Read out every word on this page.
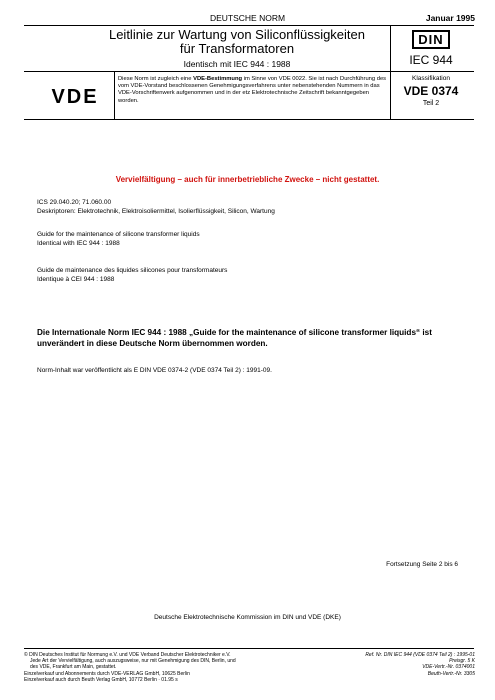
DEUTSCHE NORM	Januar 1995
Leitlinie zur Wartung von Siliconflüssigkeiten
für Transformatoren
Identisch mit IEC 944 : 1988
DIN
IEC 944
VDE
Diese Norm ist zugleich eine VDE-Bestimmung im Sinne von VDE 0022. Sie ist nach Durchführung des vom VDE-Vorstand beschlossenen Genehmigungsverfahrens unter nebenstehenden Nummern in das VDE-Vorschriftenwerk aufgenommen und in der etz Elektrotechnische Zeitschrift bekanntgegeben worden.
Klassifikation
VDE 0374
Teil 2
Vervielfältigung – auch für innerbetriebliche Zwecke – nicht gestattet.
ICS 29.040.20; 71.060.00
Deskriptoren: Elektrotechnik, Elektroisoliermittel, Isolierflüssigkeit, Silicon, Wartung
Guide for the maintenance of silicone transformer liquids
Identical with IEC 944 : 1988
Guide de maintenance des liquides silicones pour transformateurs
Identique à CEI 944 : 1988
Die Internationale Norm IEC 944 : 1988 „Guide for the maintenance of silicone transformer liquids“ ist unverändert in diese Deutsche Norm übernommen worden.
Norm-Inhalt war veröffentlicht als E DIN VDE 0374-2 (VDE 0374 Teil 2) : 1991-09.
Fortsetzung Seite 2 bis 6
Deutsche Elektrotechnische Kommission im DIN und VDE (DKE)
© DIN Deutsches Institut für Normung e.V. und VDE Verband Deutscher Elektrotechniker e.V.
Jede Art der Vervielfältigung, auch auszugsweise, nur mit Genehmigung des DIN, Berlin, und
des VDE, Frankfurt am Main, gestattet.
Einzelverkauf und Abonnements durch VDE-VERLAG GmbH, 10625 Berlin
Einzelverkauf auch durch Beuth Verlag GmbH, 10772 Berlin · 01.95 s
Ref. Nr. DIN IEC 944 (VDE 0374 Teil 2) : 1995-01
Preisgr. 5 K
VDE-Vertr.-Nr. 0374001
Beuth-Vertr.-Nr. 3305
